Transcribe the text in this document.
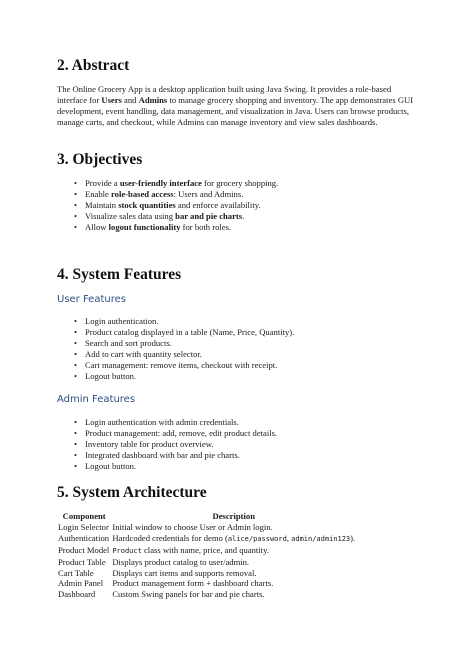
2. Abstract

The Online Grocery App is a desktop application built using Java Swing. It provides a role-based interface for Users and Admins to manage grocery shopping and inventory. The app demonstrates GUI development, event handling, data management, and visualization in Java. Users can browse products, manage carts, and checkout, while Admins can manage inventory and view sales dashboards.

3. Objectives
• Provide a user-friendly interface for grocery shopping.
• Enable role-based access: Users and Admins.
• Maintain stock quantities and enforce availability.
• Visualize sales data using bar and pie charts.
• Allow logout functionality for both roles.
4. System Features
User Features
• Login authentication.
• Product catalog displayed in a table (Name, Price, Quantity).
• Search and sort products.
• Add to cart with quantity selector.
• Cart management: remove items, checkout with receipt.
• Logout button.
Admin Features
• Login authentication with admin credentials.
• Product management: add, remove, edit product details.
• Inventory table for product overview.
• Integrated dashboard with bar and pie charts.
• Logout button.
5. System Architecture
Component	Description
Login Selector	Initial window to choose User or Admin login.
Authentication	Hardcoded credentials for demo (alice/password, admin/admin123).
Product Model	Product class with name, price, and quantity.
Product Table	Displays product catalog to user/admin.
Cart Table	Displays cart items and supports removal.
Admin Panel	Product management form + dashboard charts.
Dashboard	Custom Swing panels for bar and pie charts.
